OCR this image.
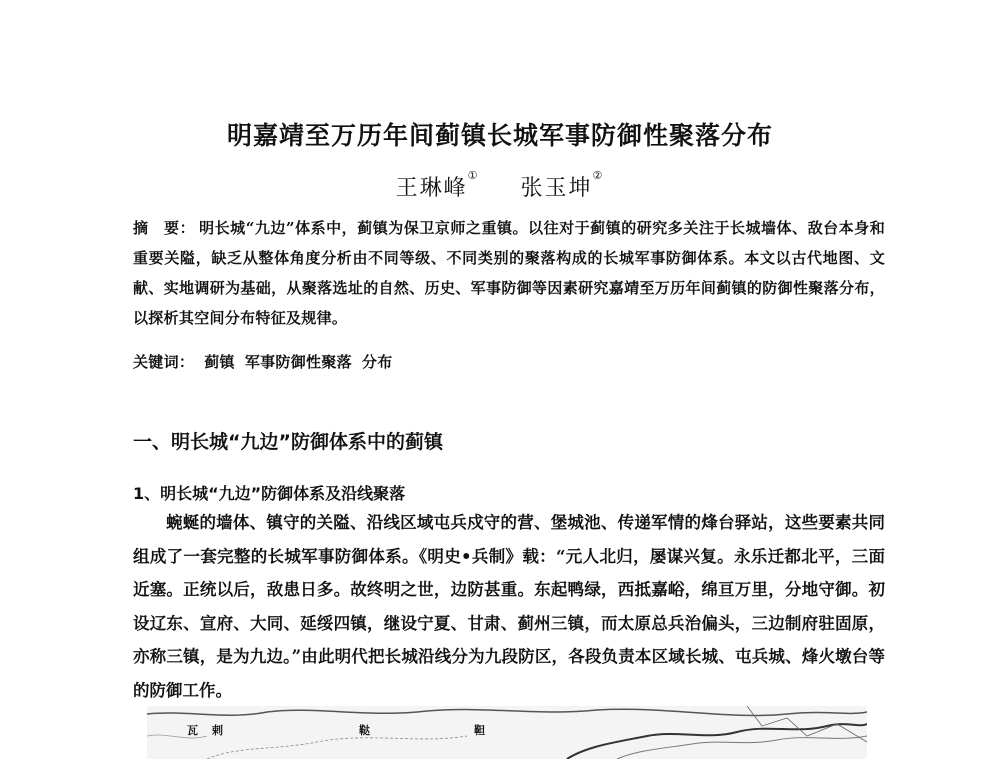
明嘉靖至万历年间蓟镇长城军事防御性聚落分布
王琳峰① 张玉坤②
摘　要： 明长城“九边”体系中，蓟镇为保卫京师之重镇。以往对于蓟镇的研究多关注于长城墙体、敌台本身和重要关隘，缺乏从整体角度分析由不同等级、不同类别的聚落构成的长城军事防御体系。本文以古代地图、文献、实地调研为基础，从聚落选址的自然、历史、军事防御等因素研究嘉靖至万历年间蓟镇的防御性聚落分布，以探析其空间分布特征及规律。
关键词： 蓟镇 军事防御性聚落 分布
一、明长城“九边”防御体系中的蓟镇
1、明长城“九边”防御体系及沿线聚落
蜿蜒的墙体、镇守的关隘、沿线区域屯兵戍守的营、堡城池、传递军情的烽台驿站，这些要素共同组成了一套完整的长城军事防御体系。《明史•兵制》载：“元人北归，屡谋兴复。永乐迁都北平，三面近塞。正统以后，敌患日多。故终明之世，边防甚重。东起鸭绿，西抵嘉峪，绵亘万里，分地守御。初设辽东、宣府、大同、延绥四镇，继设宁夏、甘肃、蓟州三镇，而太原总兵治偏头，三边制府驻固原，亦称三镇，是为九边。”由此明代把长城沿线分为九段防区，各段负责本区域长城、屯兵城、烽火墩台等的防御工作。
瓦剌	鞑	靼
